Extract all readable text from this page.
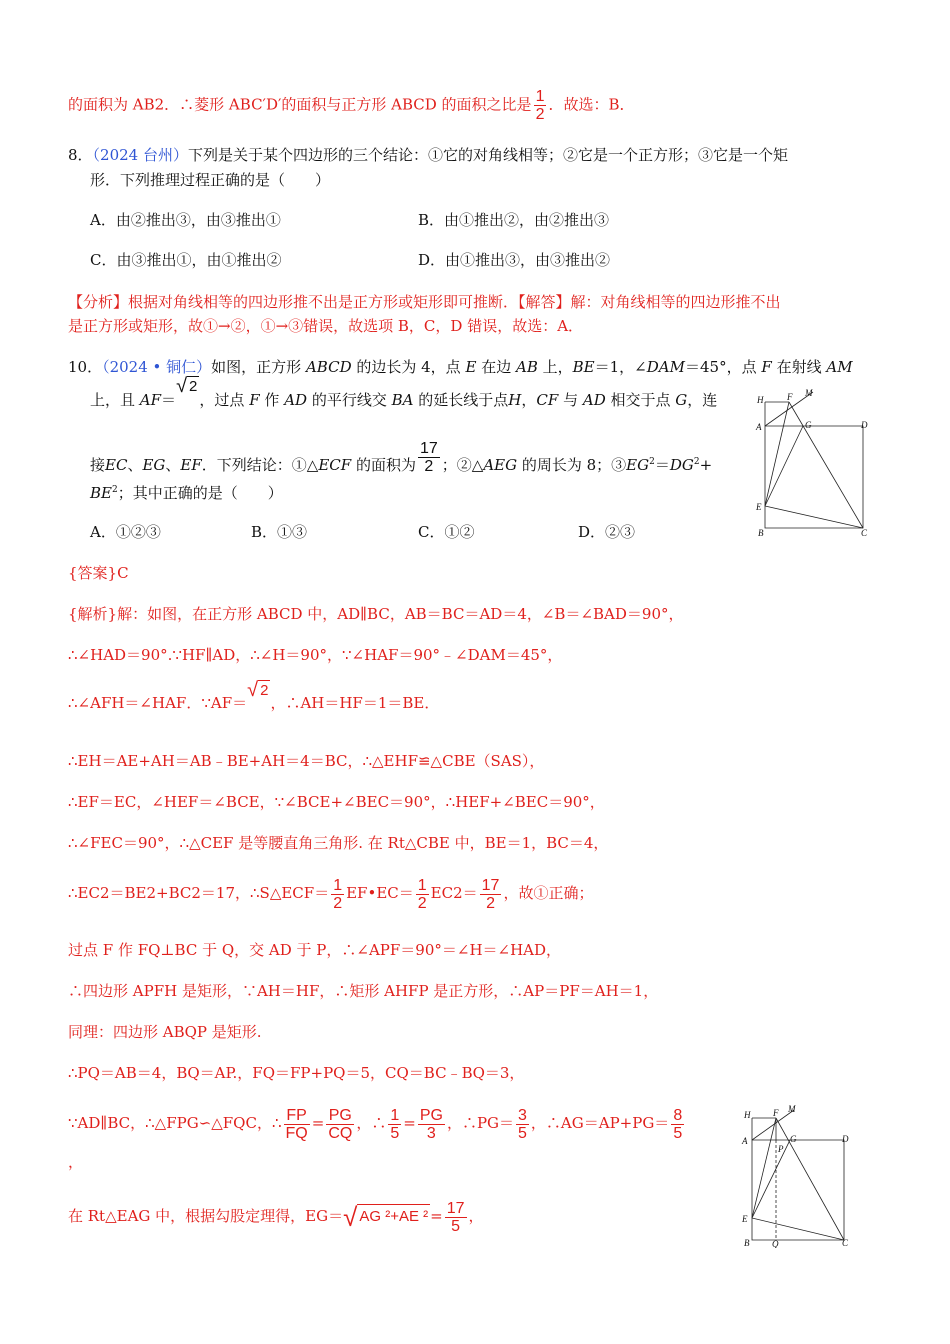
的面积为 AB2．∴菱形 ABC′D′的面积与正方形 ABCD 的面积之比是 $\frac{1}{2}$ ．故选：B．
8．（2024 台州）下列是关于某个四边形的三个结论：①它的对角线相等；②它是一个正方形；③它是一个矩
形．下列推理过程正确的是（　　）
A．由②推出③，由③推出①	B．由①推出②，由②推出③
C．由③推出①，由①推出②	D．由①推出③，由③推出②
【分析】根据对角线相等的四边形推不出是正方形或矩形即可推断．【解答】解：对角线相等的四边形推不出
是正方形或矩形，故①→②，①→③错误，故选项 B，C，D 错误，故选：A．
10．（2024 • 铜仁）如图，正方形 ABCD 的边长为 4，点 E 在边 AB 上，BE＝1，∠DAM＝45°，点 F 在射线 AM
上，且 AF＝
√ 2
，过点 F 作 AD 的平行线交 BA 的延长线于点H，CF 与 AD 相交于点 G，连
接EC、EG、EF．下列结论：①△ECF 的面积为 $\frac{17}{2}$ ；②△AEG 的周长为 8；$③EG^2=DG^2+$
$BE^2$；其中正确的是（　　）
A．①②③	B．①③	C．①②	D．②③
H	F M
A	G	D
E
B	C
{答案}C
{解析}解：如图，在正方形 ABCD 中，AD∥BC，AB＝BC＝AD＝4，∠B＝∠BAD＝90°，
∴∠HAD＝90°.∵HF∥AD，∴∠H＝90°，∵∠HAF＝90°﹣∠DAM＝45°，
∴∠AFH＝∠HAF．∵AF＝
√ 2
，∴AH＝HF＝1＝BE．
∴EH＝AE+AH＝AB﹣BE+AH＝4＝BC，∴△EHF≌△CBE（SAS），
∴EF＝EC，∠HEF＝∠BCE，∵∠BCE+∠BEC＝90°，∴HEF+∠BEC＝90°，
∴∠FEC＝90°，∴△CEF 是等腰直角三角形. 在 Rt△CBE 中，BE＝1，BC＝4，
∴EC2＝BE2+BC2＝17，∴S△ECF＝ $\frac{1}{2}$ EF•EC＝ $\frac{1}{2} EC2= \frac{17}{2}$ ，故①正确；
过点 F 作 FQ⊥BC 于 Q，交 AD 于 P，∴∠APF＝90°＝∠H＝∠HAD，
∴四边形 APFH 是矩形，∵AH＝HF，∴矩形 AHFP 是正方形，∴AP＝PF＝AH＝1，
同理：四边形 ABQP 是矩形.
∴PQ＝AB＝4，BQ＝AP.，FQ＝FP+PQ＝5，CQ＝BC﹣BQ＝3，
∵AD∥BC，∴△FPG∽△FQC，∴ $\frac{FP}{FQ} = \frac{PG}{CQ}$ ，∴ $\frac{1}{5} = \frac{PG}{3}$ ，∴PG＝ $\frac{3}{5}$ ，∴AG＝AP+PG＝ $\frac{8}{5}$
，
在 Rt△EAG 中，根据勾股定理得，EG＝ √ AG ²+AE $^2 = \frac{17}{5}$ ，
H	F M
A	G	D
P
E
B	Q	C
